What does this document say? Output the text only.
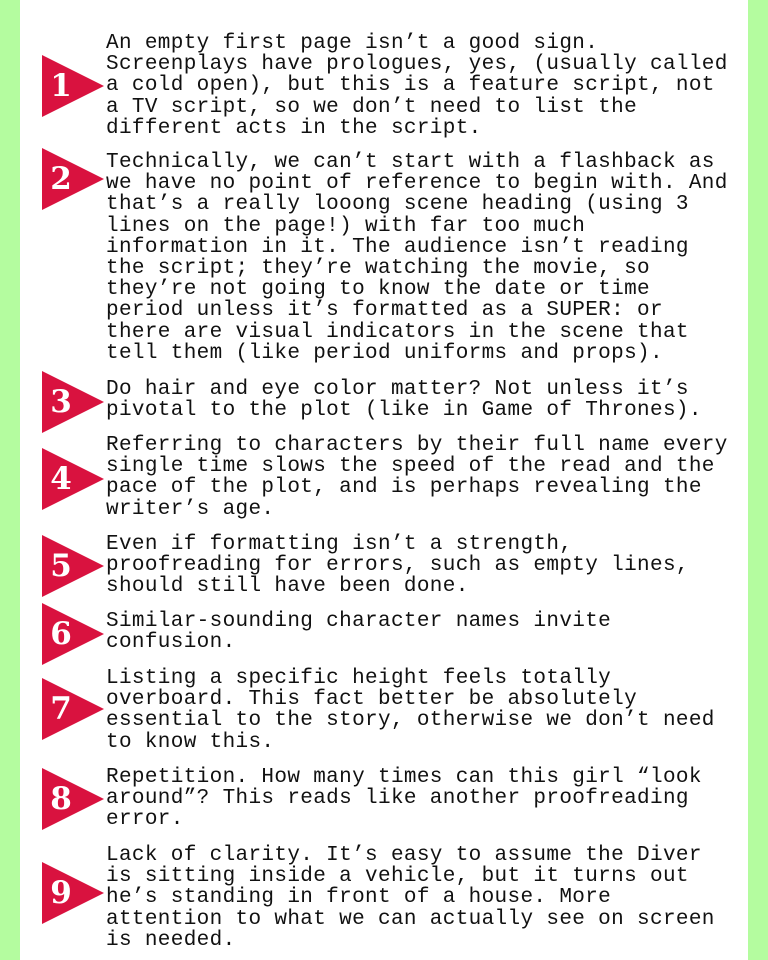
1

An empty first page isn’t a good sign.
Screenplays have prologues, yes, (usually called
a cold open), but this is a feature script, not
a TV script, so we don’t need to list the
different acts in the script.

2	Technically, we can’t start with a flashback as
we have no point of reference to begin with. And
that’s a really looong scene heading (using 3
lines on the page!) with far too much
information in it. The audience isn’t reading
the script; they’re watching the movie, so
they’re not going to know the date or time
period unless it’s formatted as a SUPER: or
there are visual indicators in the scene that
tell them (like period uniforms and props).

3	Do hair and eye color matter? Not unless it’s
pivotal to the plot (like in Game of Thrones).

4

Referring to characters by their full name every
single time slows the speed of the read and the
pace of the plot, and is perhaps revealing the
writer’s age.

5

Even if formatting isn’t a strength,
proofreading for errors, such as empty lines,
should still have been done.

6	Similar-sounding character names invite
confusion.

7

Listing a specific height feels totally
overboard. This fact better be absolutely
essential to the story, otherwise we don’t need
to know this.

8

Repetition. How many times can this girl “look
around”? This reads like another proofreading
error.

9

Lack of clarity. It’s easy to assume the Diver
is sitting inside a vehicle, but it turns out
he’s standing in front of a house. More
attention to what we can actually see on screen
is needed.
